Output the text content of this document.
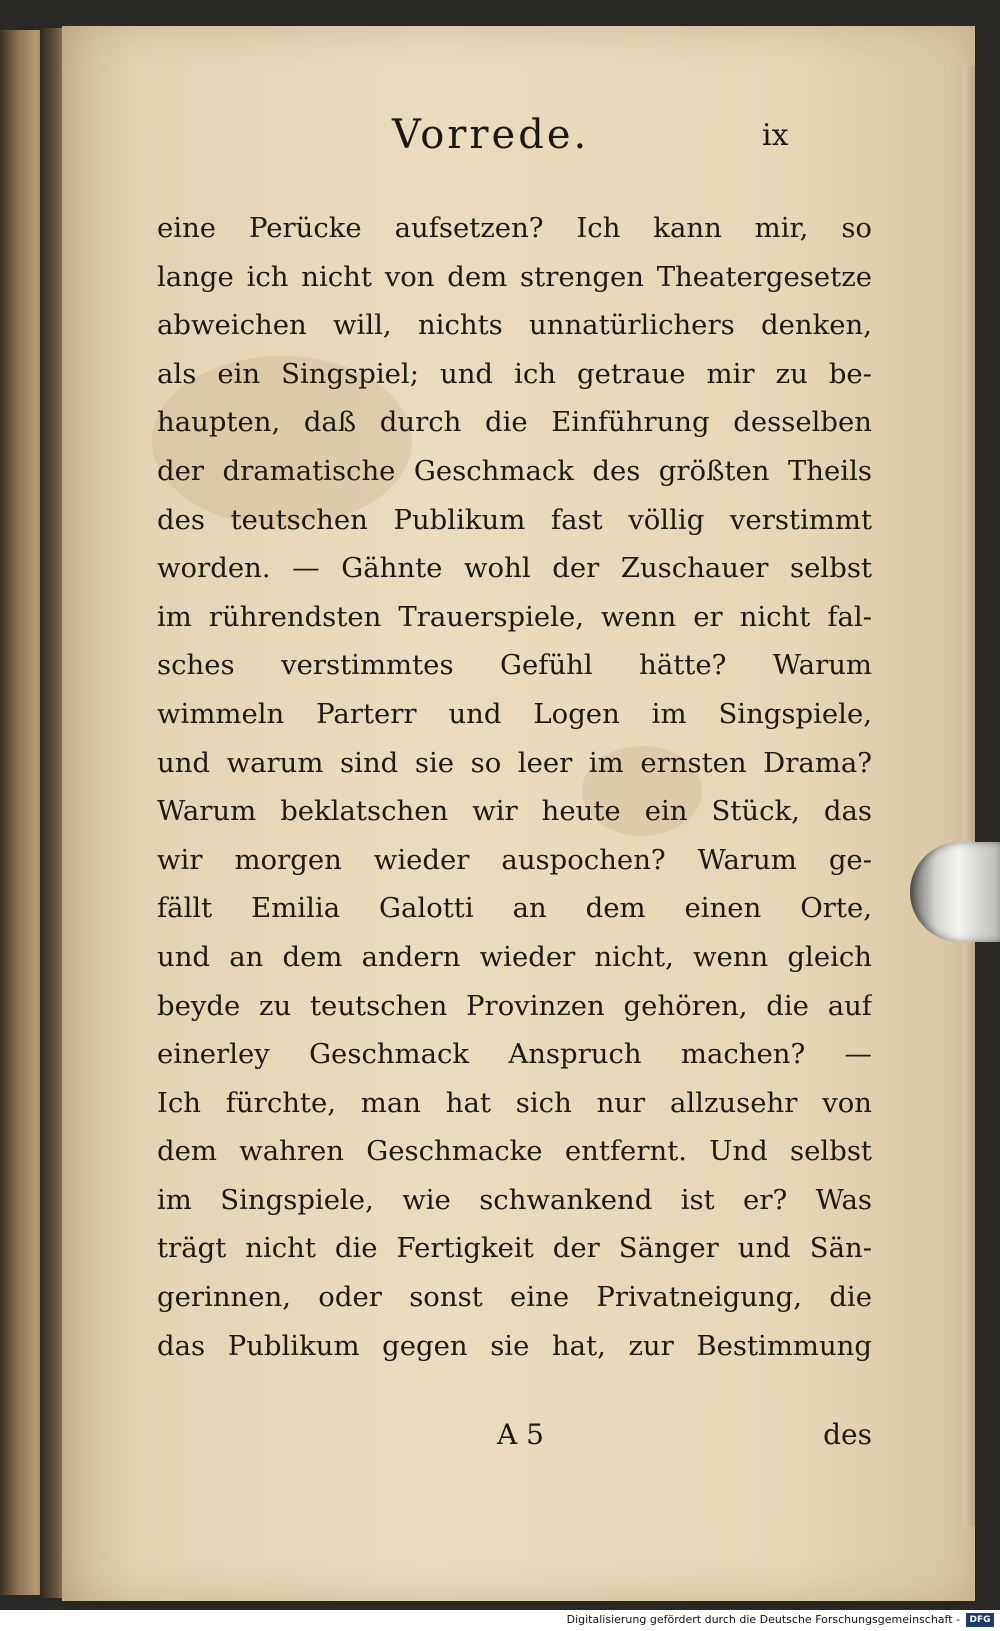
Vorrede.	ix
eine Perücke aufsetzen? Ich kann mir, so
lange ich nicht von dem strengen Theatergesetze
abweichen will, nichts unnatürlichers denken,
als ein Singspiel; und ich getraue mir zu be-
haupten, daß durch die Einführung desselben
der dramatische Geschmack des größten Theils
des teutschen Publikum fast völlig verstimmt
worden. — Gähnte wohl der Zuschauer selbst
im rührendsten Trauerspiele, wenn er nicht fal-
sches verstimmtes Gefühl hätte? Warum
wimmeln Parterr und Logen im Singspiele,
und warum sind sie so leer im ernsten Drama?
Warum beklatschen wir heute ein Stück, das
wir morgen wieder auspochen? Warum ge-
fällt Emilia Galotti an dem einen Orte,
und an dem andern wieder nicht, wenn gleich
beyde zu teutschen Provinzen gehören, die auf
einerley Geschmack Anspruch machen? —
Ich fürchte, man hat sich nur allzusehr von
dem wahren Geschmacke entfernt. Und selbst
im Singspiele, wie schwankend ist er? Was
trägt nicht die Fertigkeit der Sänger und Sän-
gerinnen, oder sonst eine Privatneigung, die
das Publikum gegen sie hat, zur Bestimmung
A 5	des
Digitalisierung gefördert durch die Deutsche Forschungsgemeinschaft -	DFG
